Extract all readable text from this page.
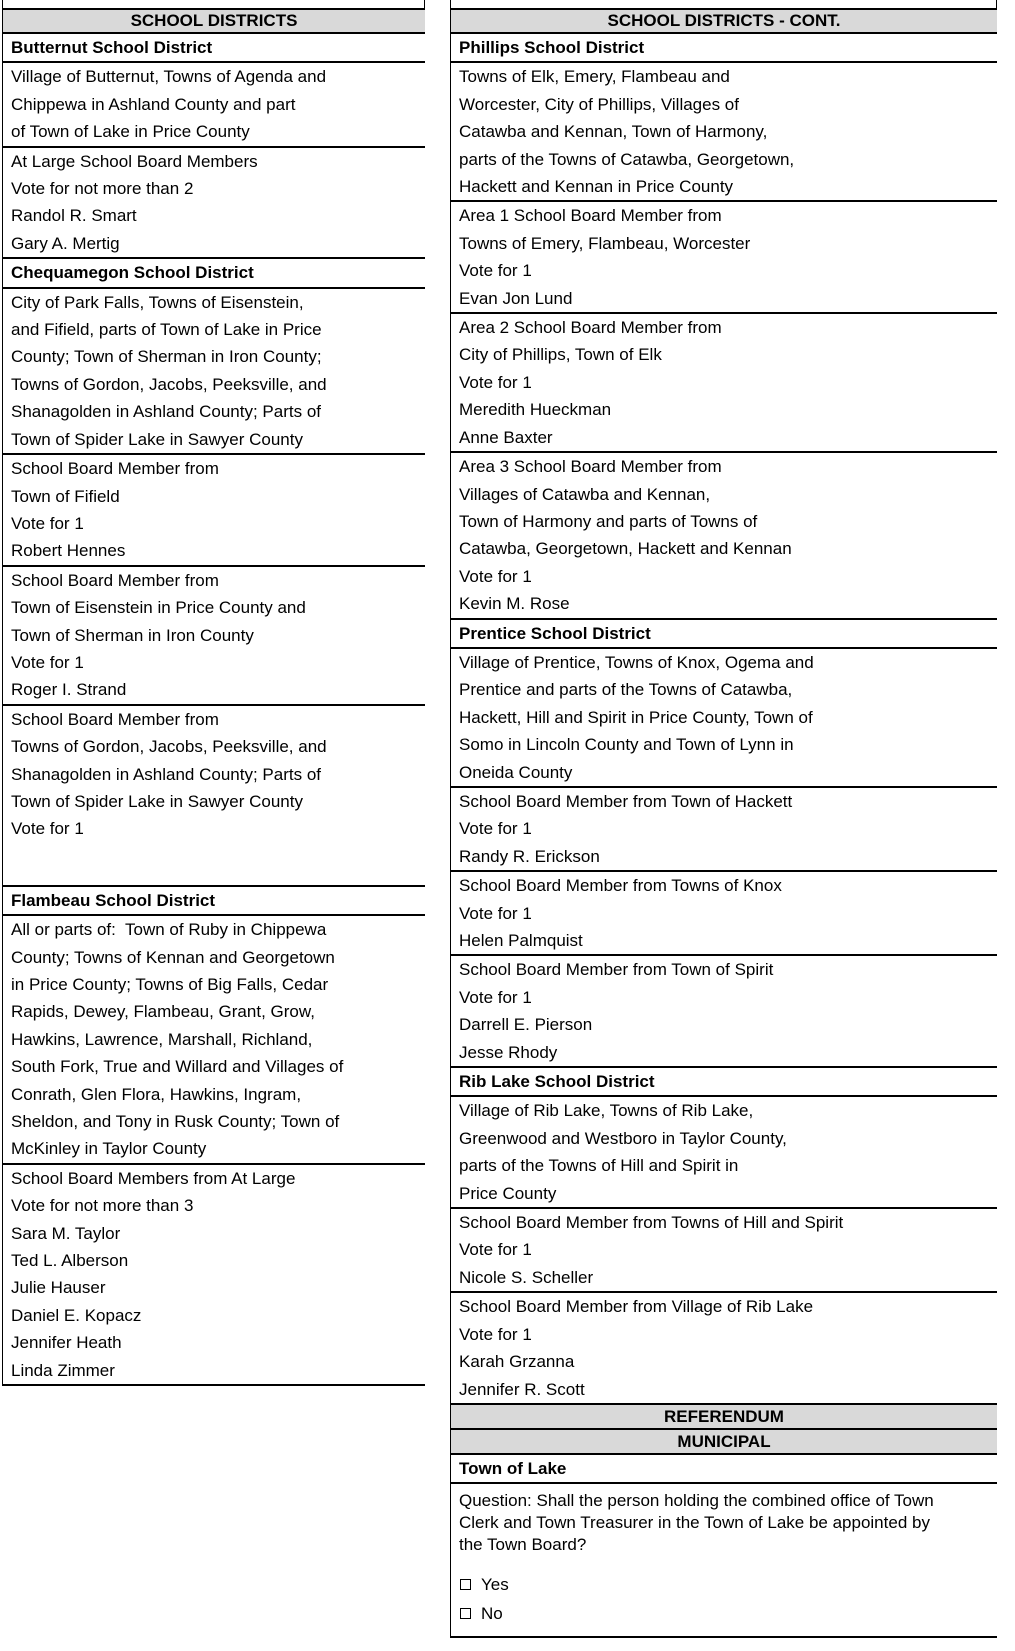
SCHOOL DISTRICTS
Butternut School District
Village of Butternut, Towns of Agenda and
Chippewa in Ashland County and part
of Town of Lake in Price County
At Large School Board Members
Vote for not more than 2
Randol R. Smart
Gary A. Mertig
Chequamegon School District
City of Park Falls, Towns of Eisenstein,
and Fifield, parts of Town of Lake in Price
County; Town of Sherman in Iron County;
Towns of Gordon, Jacobs, Peeksville, and
Shanagolden in Ashland County; Parts of
Town of Spider Lake in Sawyer County
School Board Member from
Town of Fifield
Vote for 1
Robert Hennes
School Board Member from
Town of Eisenstein in Price County and
Town of Sherman in Iron County
Vote for 1
Roger I. Strand
School Board Member from
Towns of Gordon, Jacobs, Peeksville, and
Shanagolden in Ashland County; Parts of
Town of Spider Lake in Sawyer County
Vote for 1
Flambeau School District
All or parts of:  Town of Ruby in Chippewa
County; Towns of Kennan and Georgetown
in Price County; Towns of Big Falls, Cedar
Rapids, Dewey, Flambeau, Grant, Grow,
Hawkins, Lawrence, Marshall, Richland,
South Fork, True and Willard and Villages of
Conrath, Glen Flora, Hawkins, Ingram,
Sheldon, and Tony in Rusk County; Town of
McKinley in Taylor County
School Board Members from At Large
Vote for not more than 3
Sara M. Taylor
Ted L. Alberson
Julie Hauser
Daniel E. Kopacz
Jennifer Heath
Linda Zimmer
SCHOOL DISTRICTS - CONT.
Phillips School District
Towns of Elk, Emery, Flambeau and
Worcester, City of Phillips, Villages of
Catawba and Kennan, Town of Harmony,
parts of the Towns of Catawba, Georgetown,
Hackett and Kennan in Price County
Area 1 School Board Member from
Towns of Emery, Flambeau, Worcester
Vote for 1
Evan Jon Lund
Area 2 School Board Member from
City of Phillips, Town of Elk
Vote for 1
Meredith Hueckman
Anne Baxter
Area 3 School Board Member from
Villages of Catawba and Kennan,
Town of Harmony and parts of Towns of
Catawba, Georgetown, Hackett and Kennan
Vote for 1
Kevin M. Rose
Prentice School District
Village of Prentice, Towns of Knox, Ogema and
Prentice and parts of the Towns of Catawba,
Hackett, Hill and Spirit in Price County, Town of
Somo in Lincoln County and Town of Lynn in
Oneida County
School Board Member from Town of Hackett
Vote for 1
Randy R. Erickson
School Board Member from Towns of Knox
Vote for 1
Helen Palmquist
School Board Member from Town of Spirit
Vote for 1
Darrell E. Pierson
Jesse Rhody
Rib Lake School District
Village of Rib Lake, Towns of Rib Lake,
Greenwood and Westboro in Taylor County,
parts of the Towns of Hill and Spirit in
Price County
School Board Member from Towns of Hill and Spirit
Vote for 1
Nicole S. Scheller
School Board Member from Village of Rib Lake
Vote for 1
Karah Grzanna
Jennifer R. Scott
REFERENDUM
MUNICIPAL
Town of Lake
Question: Shall the person holding the combined office of Town
Clerk and Town Treasurer in the Town of Lake be appointed by
the Town Board?
Yes
No
